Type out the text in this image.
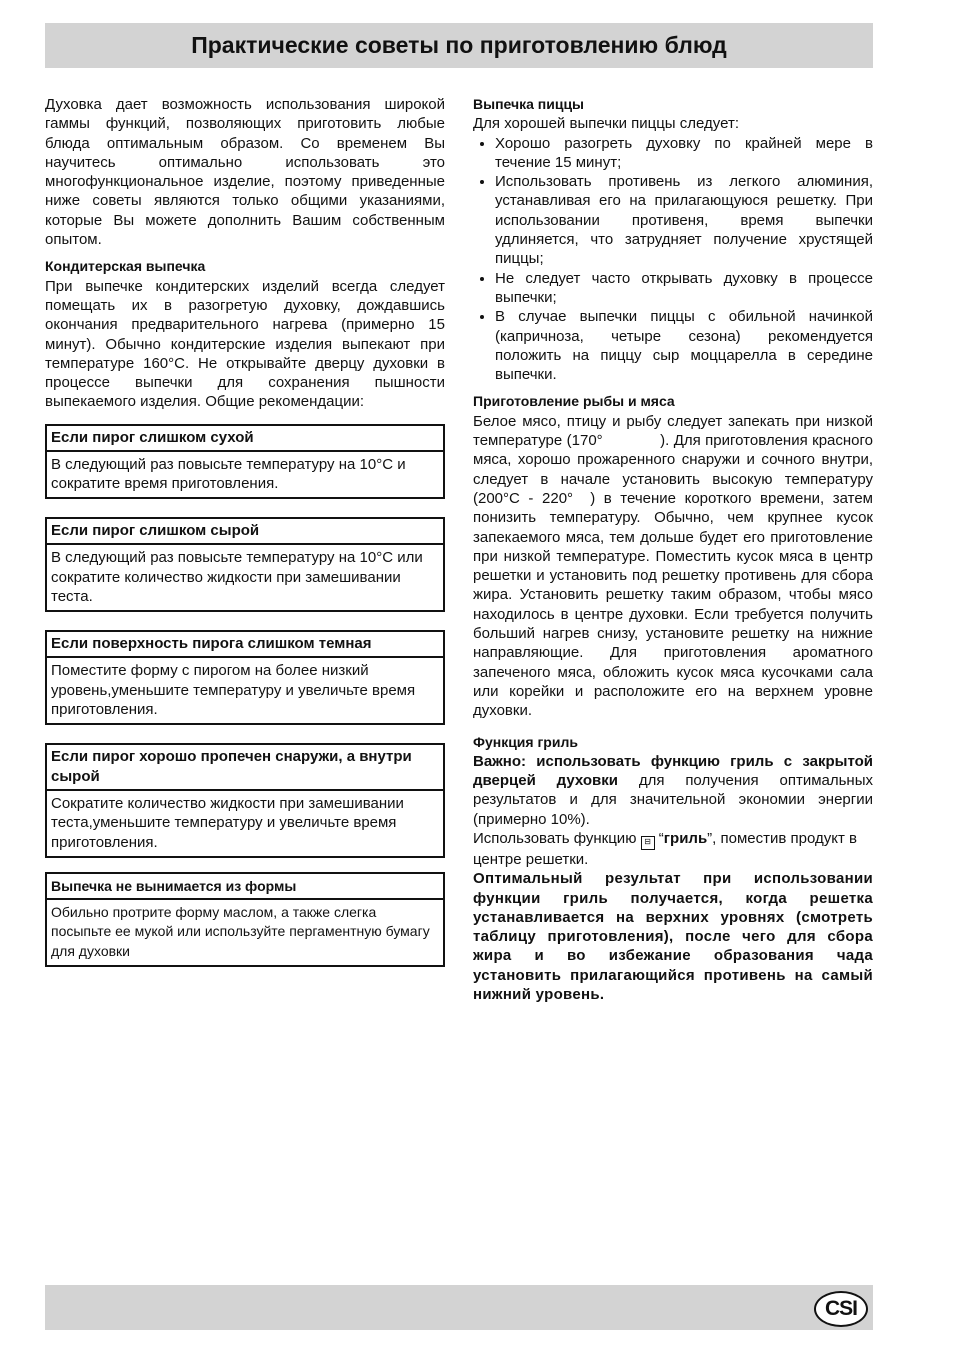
Практические советы по приготовлению блюд

Духовка дает возможность использования широкой гаммы функций, позволяющих приготовить любые блюда оптимальным образом. Со временем Вы научитесь оптимально использовать это многофункциональное изделие, поэтому приведенные ниже советы являются только общими указаниями, которые Вы можете дополнить Вашим собственным опытом.

Кондитерская выпечка

При выпечке кондитерских изделий всегда следует помещать их в разогретую духовку, дождавшись окончания предварительного нагрева (примерно 15 минут). Обычно кондитерские изделия выпекают при температуре 160°С. Не открывайте дверцу духовки в процессе выпечки для сохранения пышности выпекаемого изделия. Общие рекомендации:

Если пирог слишком сухой
В следующий раз повысьте температуру на 10°С и сократите время приготовления.
Если пирог слишком сырой
В следующий раз повысьте температуру на 10°С или сократите количество жидкости при замешивании теста.
Если поверхность пирога слишком темная
Поместите форму с пирогом на более низкий уровень,уменьшите температуру и увеличьте время приготовления.
Если пирог хорошо пропечен снаружи, а внутри сырой
Сократите количество жидкости при замешивании теста,уменьшите температуру и увеличьте время приготовления.
Выпечка не вынимается из формы
Обильно протрите форму маслом, а также слегка посыпьте ее мукой или используйте пергаментную бумагу для духовки
Выпечка пиццы

Для хорошей выпечки пиццы следует:

• Хорошо разогреть духовку по крайней мере в течение 15 минут;
• Использовать противень из легкого алюминия, устанавливая его на прилагающуюся решетку. При использовании противеня, время выпечки удлиняется, что затрудняет получение хрустящей пиццы;
• Не следует часто открывать духовку в процессе выпечки;
• В случае выпечки пиццы с обильной начинкой (капричноза, четыре сезона) рекомендуется положить на пиццу сыр моццарелла в середине выпечки.
Приготовление рыбы и мяса

Белое мясо, птицу и рыбу следует запекать при низкой температуре (170°             ). Для приготовления красного мяса, хорошо прожаренного снаружи и сочного внутри, следует в начале установить высокую температуру (200°С - 220°  ) в течение короткого времени, затем понизить температуру. Обычно, чем крупнее кусок запекаемого мяса, тем дольше будет его приготовление при низкой температуре. Поместить кусок мяса в центр решетки и установить под решетку противень для сбора жира. Установить решетку таким образом, чтобы мясо находилось в центре духовки. Если требуется получить больший нагрев снизу, установите решетку на нижние направляющие. Для приготовления ароматного запеченого мяса, обложить кусок мяса кусочками сала или корейки и расположите его на верхнем уровне духовки.

Функция гриль

Важно: использовать функцию гриль с закрытой дверцей духовки для получения оптимальных результатов и для значительной экономии энергии (примерно 10%).

Использовать функцию ⊟ “гриль”, поместив продукт в центре решетки.

Оптимальный результат при использовании функции гриль получается, когда решетка устанавливается на верхних уровнях (смотреть таблицу приготовления), после чего для сбора жира и во избежание образования чада установить прилагающийся противень на самый нижний уровень.

CSI
